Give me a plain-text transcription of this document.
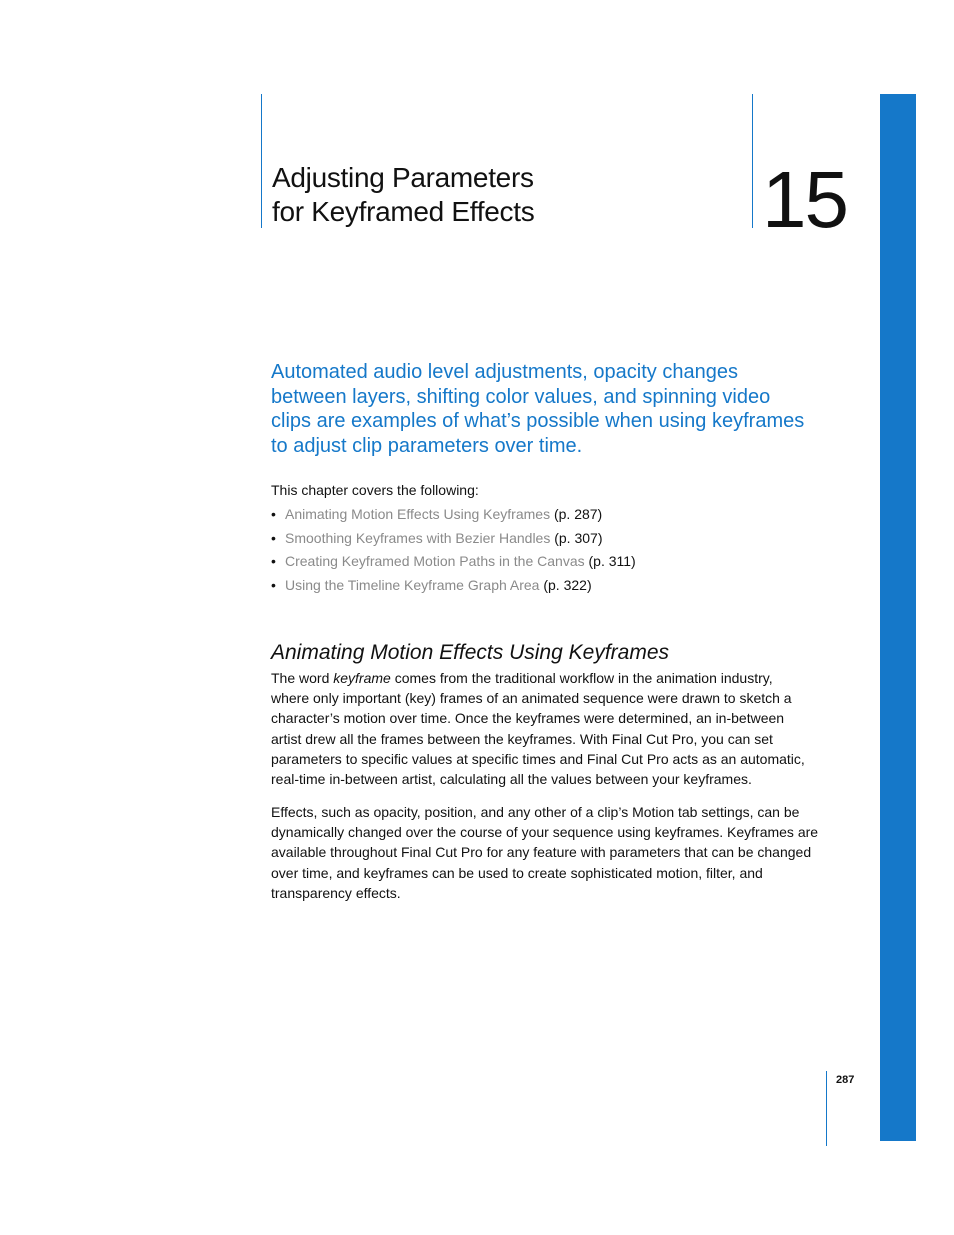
Adjusting Parameters
for Keyframed Effects	15

Automated audio level adjustments, opacity changes
between layers, shifting color values, and spinning video
clips are examples of what’s possible when using keyframes
to adjust clip parameters over time.

This chapter covers the following:

• Animating Motion Effects Using Keyframes (p. 287)
• Smoothing Keyframes with Bezier Handles (p. 307)
• Creating Keyframed Motion Paths in the Canvas (p. 311)
• Using the Timeline Keyframe Graph Area (p. 322)
Animating Motion Effects Using Keyframes

The word keyframe comes from the traditional workflow in the animation industry,
where only important (key) frames of an animated sequence were drawn to sketch a
character’s motion over time. Once the keyframes were determined, an in-between
artist drew all the frames between the keyframes. With Final Cut Pro, you can set
parameters to specific values at specific times and Final Cut Pro acts as an automatic,
real-time in-between artist, calculating all the values between your keyframes.

Effects, such as opacity, position, and any other of a clip’s Motion tab settings, can be
dynamically changed over the course of your sequence using keyframes. Keyframes are
available throughout Final Cut Pro for any feature with parameters that can be changed
over time, and keyframes can be used to create sophisticated motion, filter, and
transparency effects.

287
